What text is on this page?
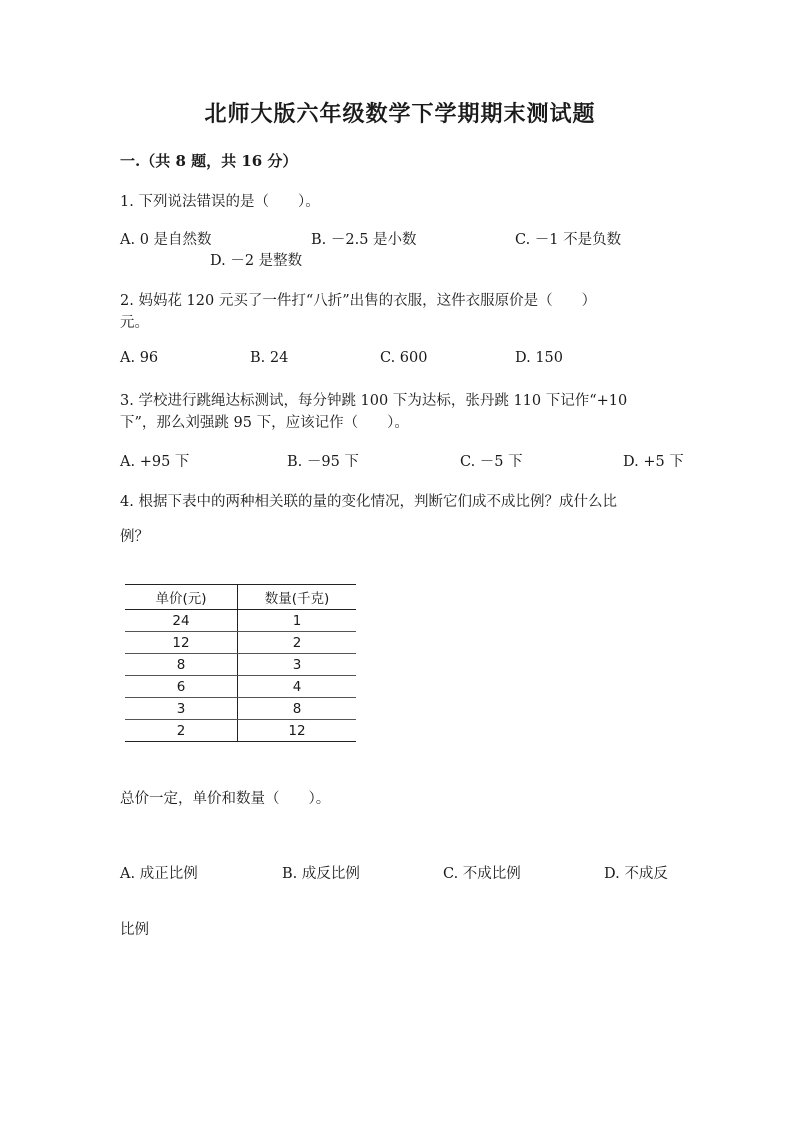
北师大版六年级数学下学期期末测试题
一.（共 8 题，共 16 分）
1. 下列说法错误的是（　　）。
A. 0 是自然数	B. －2.5 是小数	C. －1 不是负数
D. －2 是整数
2. 妈妈花 120 元买了一件打“八折”出售的衣服，这件衣服原价是（　　）
元。
A. 96	B. 24	C. 600	D. 150
3. 学校进行跳绳达标测试，每分钟跳 100 下为达标，张丹跳 110 下记作“+10
下”，那么刘强跳 95 下，应该记作（　　）。
A. +95 下	B. －95 下	C. －5 下	D. +5 下
4. 根据下表中的两种相关联的量的变化情况，判断它们成不成比例？成什么比
例？
单价(元)	数量(千克)
24	1
12	2
8	3
6	4
3	8
2	12
总价一定，单价和数量（　　）。
A. 成正比例	B. 成反比例	C. 不成比例	D. 不成反
比例
